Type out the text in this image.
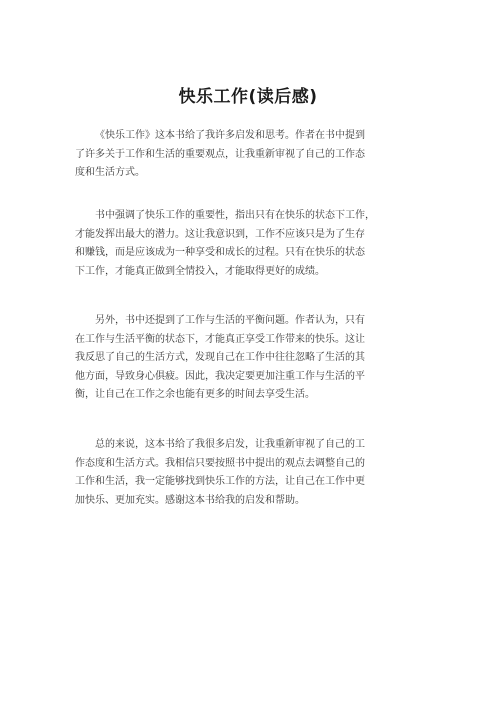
快乐工作(读后感)
《快乐工作》这本书给了我许多启发和思考。作者在书中提到
了许多关于工作和生活的重要观点，让我重新审视了自己的工作态
度和生活方式。
书中强调了快乐工作的重要性，指出只有在快乐的状态下工作，
才能发挥出最大的潜力。这让我意识到，工作不应该只是为了生存
和赚钱，而是应该成为一种享受和成长的过程。只有在快乐的状态
下工作，才能真正做到全情投入，才能取得更好的成绩。
另外，书中还提到了工作与生活的平衡问题。作者认为，只有
在工作与生活平衡的状态下，才能真正享受工作带来的快乐。这让
我反思了自己的生活方式，发现自己在工作中往往忽略了生活的其
他方面，导致身心俱疲。因此，我决定要更加注重工作与生活的平
衡，让自己在工作之余也能有更多的时间去享受生活。
总的来说，这本书给了我很多启发，让我重新审视了自己的工
作态度和生活方式。我相信只要按照书中提出的观点去调整自己的
工作和生活，我一定能够找到快乐工作的方法，让自己在工作中更
加快乐、更加充实。感谢这本书给我的启发和帮助。
